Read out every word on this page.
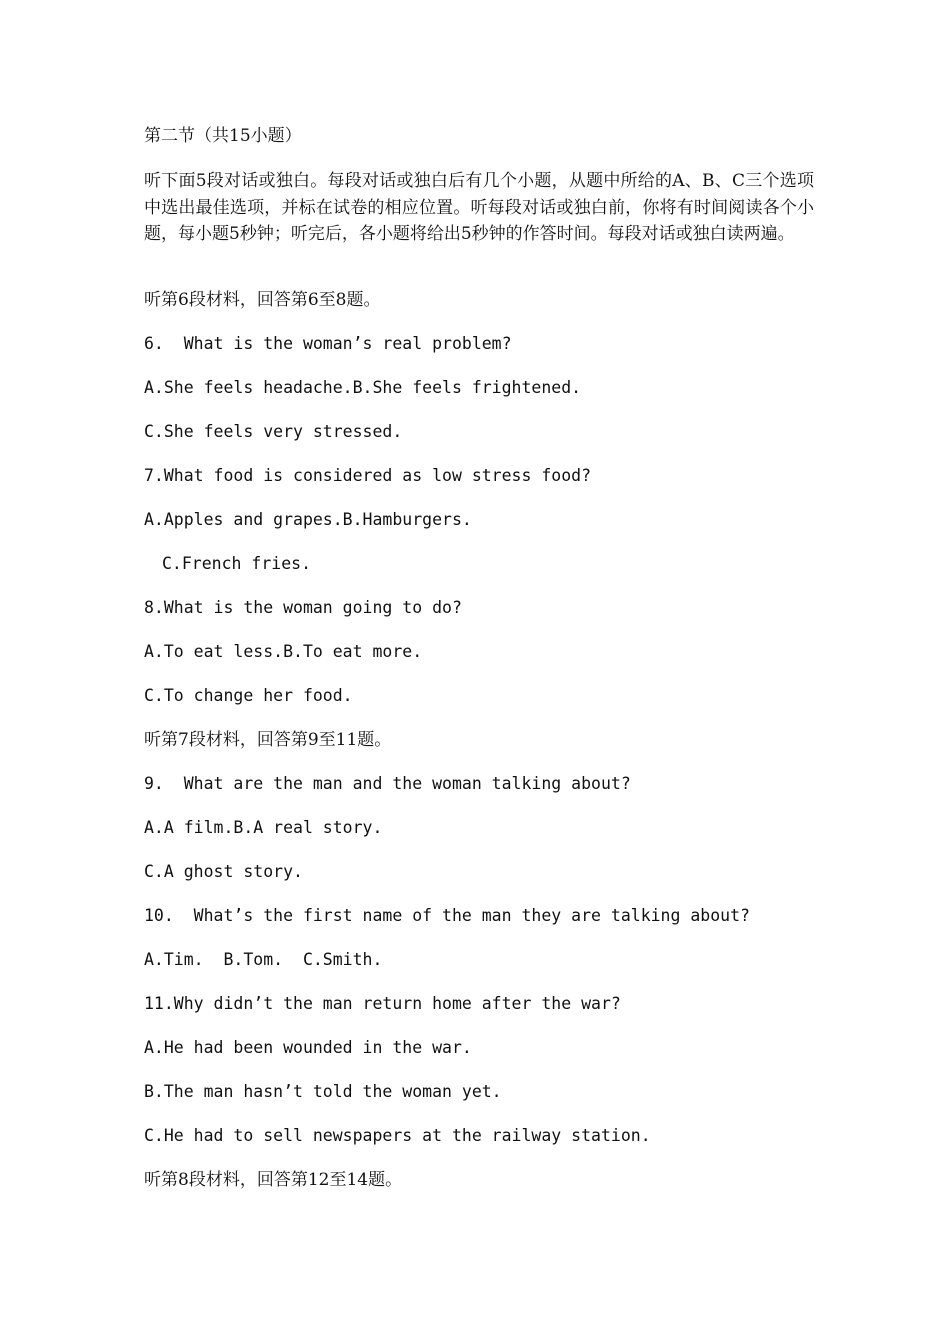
第二节（共15小题）
听下面5段对话或独白。每段对话或独白后有几个小题，从题中所给的A、B、C三个选项中选出最佳选项，并标在试卷的相应位置。听每段对话或独白前，你将有时间阅读各个小题，每小题5秒钟；听完后，各小题将给出5秒钟的作答时间。每段对话或独白读两遍。
听第6段材料，回答第6至8题。
6.  What is the woman’s real problem?
A.She feels headache.B.She feels frightened.
C.She feels very stressed.
7.What food is considered as low stress food?
A.Apples and grapes.B.Hamburgers.
C.French fries.
8.What is the woman going to do?
A.To eat less.B.To eat more.
C.To change her food.
听第7段材料，回答第9至11题。
9.  What are the man and the woman talking about?
A.A film.B.A real story.
C.A ghost story.
10.  What’s the first name of the man they are talking about?
A.Tim.  B.Tom.  C.Smith.
11.Why didn’t the man return home after the war?
A.He had been wounded in the war.
B.The man hasn’t told the woman yet.
C.He had to sell newspapers at the railway station.
听第8段材料，回答第12至14题。
